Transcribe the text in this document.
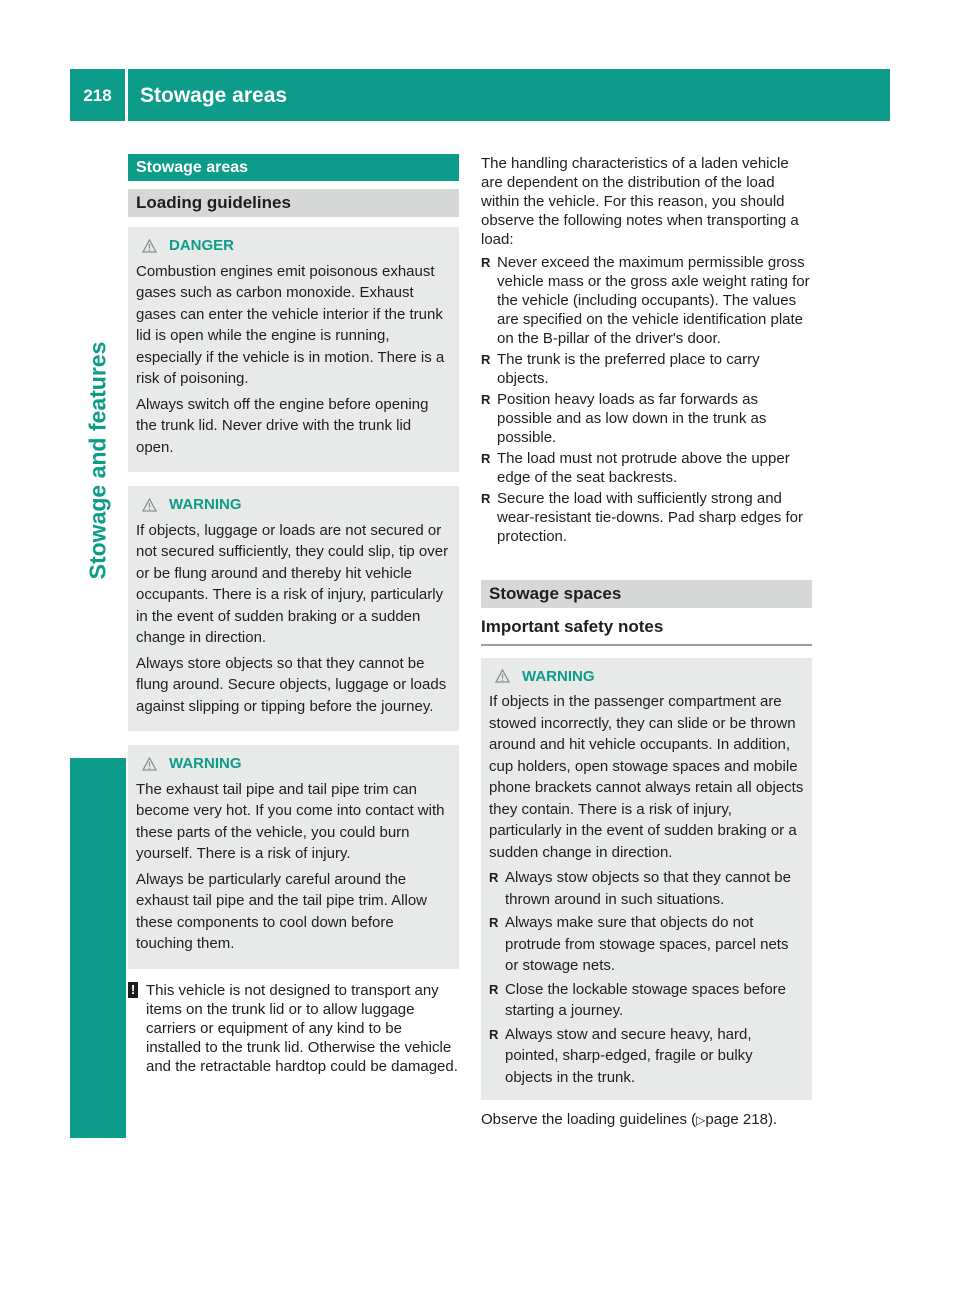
218	Stowage areas
Stowage and features
Stowage areas
Loading guidelines
DANGER

Combustion engines emit poisonous exhaust gases such as carbon monoxide. Exhaust gases can enter the vehicle interior if the trunk lid is open while the engine is running, especially if the vehicle is in motion. There is a risk of poisoning.

Always switch off the engine before opening the trunk lid. Never drive with the trunk lid open.

WARNING

If objects, luggage or loads are not secured or not secured sufficiently, they could slip, tip over or be flung around and thereby hit vehicle occupants. There is a risk of injury, particularly in the event of sudden braking or a sudden change in direction.

Always store objects so that they cannot be flung around. Secure objects, luggage or loads against slipping or tipping before the journey.

WARNING

The exhaust tail pipe and tail pipe trim can become very hot. If you come into contact with these parts of the vehicle, you could burn yourself. There is a risk of injury.

Always be particularly careful around the exhaust tail pipe and the tail pipe trim. Allow these components to cool down before touching them.

! This vehicle is not designed to transport any items on the trunk lid or to allow luggage carriers or equipment of any kind to be installed to the trunk lid. Otherwise the vehicle and the retractable hardtop could be damaged.

The handling characteristics of a laden vehicle are dependent on the distribution of the load within the vehicle. For this reason, you should observe the following notes when transporting a load:

R Never exceed the maximum permissible gross vehicle mass or the gross axle weight rating for the vehicle (including occupants). The values are specified on the vehicle identification plate on the B-pillar of the driver's door.
R The trunk is the preferred place to carry objects.
R Position heavy loads as far forwards as possible and as low down in the trunk as possible.
R The load must not protrude above the upper edge of the seat backrests.
R Secure the load with sufficiently strong and wear-resistant tie-downs. Pad sharp edges for protection.
Stowage spaces
Important safety notes
WARNING

If objects in the passenger compartment are stowed incorrectly, they can slide or be thrown around and hit vehicle occupants. In addition, cup holders, open stowage spaces and mobile phone brackets cannot always retain all objects they contain. There is a risk of injury, particularly in the event of sudden braking or a sudden change in direction.

R Always stow objects so that they cannot be thrown around in such situations.
R Always make sure that objects do not protrude from stowage spaces, parcel nets or stowage nets.
R Close the lockable stowage spaces before starting a journey.
R Always stow and secure heavy, hard, pointed, sharp-edged, fragile or bulky objects in the trunk.

Observe the loading guidelines (▷page 218).
